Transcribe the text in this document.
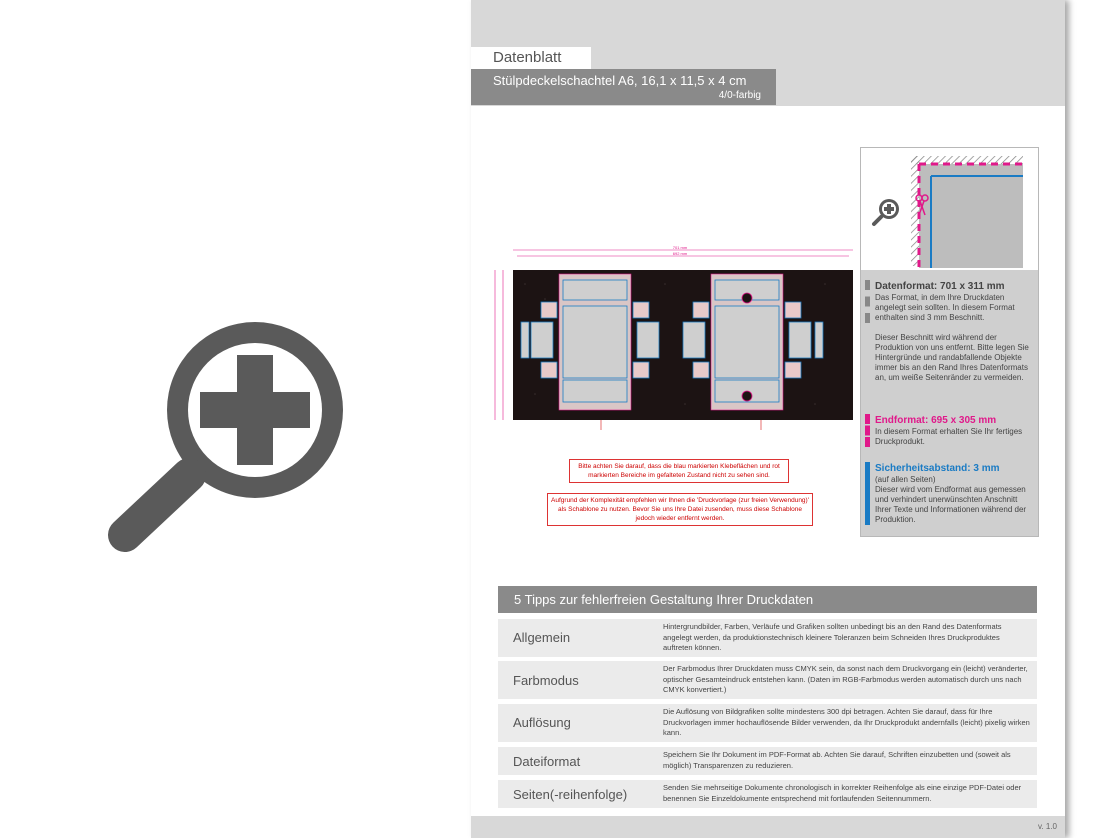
Datenblatt
Stülpdeckelschachtel A6, 16,1 x 11,5 x 4 cm
4/0-farbig
701 mm
692 mm
Bitte achten Sie darauf, dass die blau markierten Klebeflächen und rot markierten Bereiche im gefalteten Zustand nicht zu sehen sind.
Aufgrund der Komplexität empfehlen wir Ihnen die 'Druckvorlage (zur freien Verwendung)' als Schablone zu nutzen. Bevor Sie uns Ihre Datei zusenden, muss diese Schablone jedoch wieder entfernt werden.
Datenformat: 701 x 311 mm
Das Format, in dem Ihre Druckdaten angelegt sein sollten. In diesem Format enthalten sind 3 mm Beschnitt.
Dieser Beschnitt wird während der Produktion von uns entfernt. Bitte legen Sie Hintergründe und randabfallende Objekte immer bis an den Rand Ihres Datenformats an, um weiße Seitenränder zu vermeiden.
Endformat: 695 x 305 mm
In diesem Format erhalten Sie Ihr fertiges Druckprodukt.
Sicherheitsabstand: 3 mm
(auf allen Seiten)
Dieser wird vom Endformat aus gemessen und verhindert unerwünschten Anschnitt Ihrer Texte und Informationen während der Produktion.
5 Tipps zur fehlerfreien Gestaltung Ihrer Druckdaten
Allgemein
Hintergrundbilder, Farben, Verläufe und Grafiken sollten unbedingt bis an den Rand des Datenformats angelegt werden, da produktionstechnisch kleinere Toleranzen beim Schneiden Ihres Druckproduktes auftreten können.
Farbmodus
Der Farbmodus Ihrer Druckdaten muss CMYK sein, da sonst nach dem Druckvorgang ein (leicht) veränderter, optischer Gesamteindruck entstehen kann. (Daten im RGB-Farbmodus werden automatisch durch uns nach CMYK konvertiert.)
Auflösung
Die Auflösung von Bildgrafiken sollte mindestens 300 dpi betragen. Achten Sie darauf, dass für Ihre Druckvorlagen immer hochauflösende Bilder verwenden, da Ihr Druckprodukt andernfalls (leicht) pixelig wirken kann.
Dateiformat	Speichern Sie Ihr Dokument im PDF-Format ab. Achten Sie darauf, Schriften einzubetten und (soweit als möglich) Transparenzen zu reduzieren.
Seiten(-reihenfolge)	Senden Sie mehrseitige Dokumente chronologisch in korrekter Reihenfolge als eine einzige PDF-Datei oder benennen Sie Einzeldokumente entsprechend mit fortlaufenden Seitennummern.
v. 1.0
